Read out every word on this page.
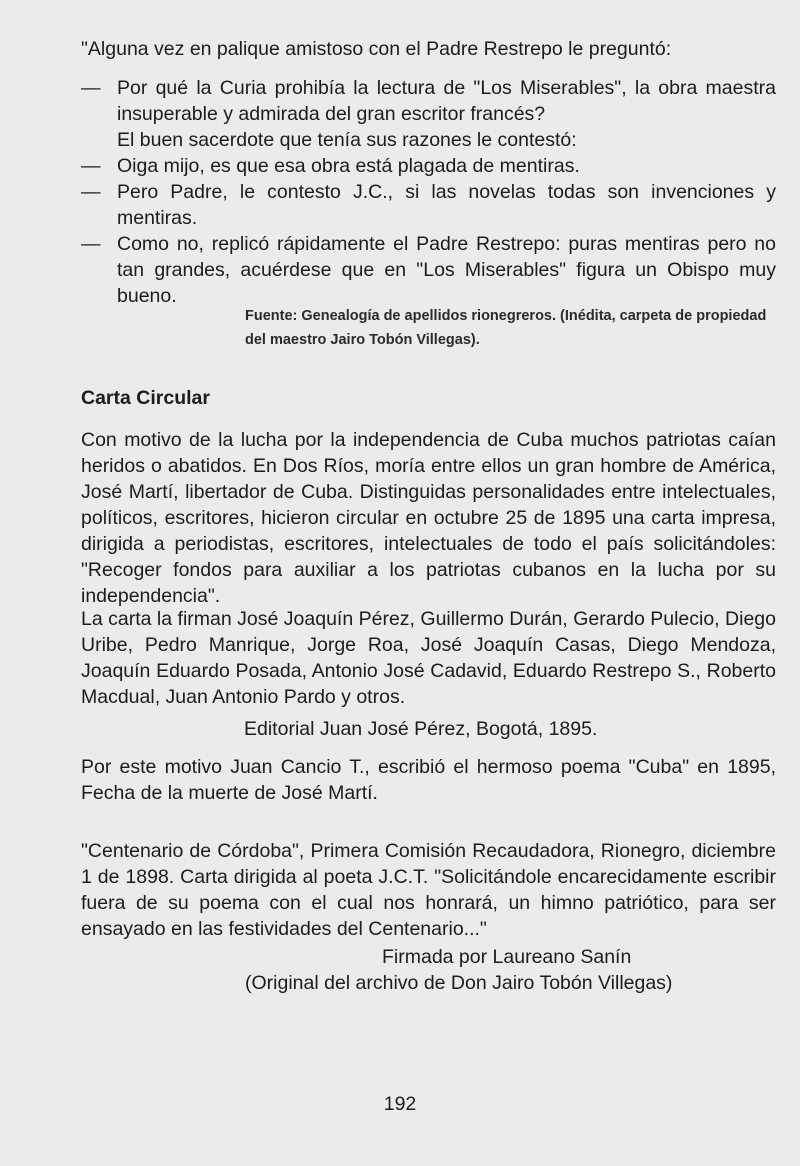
"Alguna vez en palique amistoso con el Padre Restrepo le preguntó:

— Por qué la Curia prohibía la lectura de "Los Miserables", la obra maestra insuperable y admirada del gran escritor francés?

El buen sacerdote que tenía sus razones le contestó:

— Oiga mijo, es que esa obra está plagada de mentiras.
— Pero Padre, le contesto J.C., si las novelas todas son invenciones y mentiras.
— Como no, replicó rápidamente el Padre Restrepo: puras mentiras pero no tan grandes, acuérdese que en "Los Miserables" figura un Obispo muy bueno.

Fuente: Genealogía de apellidos rionegreros. (Inédita, carpeta de propiedad del maestro Jairo Tobón Villegas).

Carta Circular

Con motivo de la lucha por la independencia de Cuba muchos patriotas caían heridos o abatidos. En Dos Ríos, moría entre ellos un gran hombre de América, José Martí, libertador de Cuba. Distinguidas personalidades entre intelectuales, políticos, escritores, hicieron circular en octubre 25 de 1895 una carta impresa, dirigida a periodistas, escritores, intelectuales de todo el país solicitándoles: "Recoger fondos para auxiliar a los patriotas cubanos en la lucha por su independencia".

La carta la firman José Joaquín Pérez, Guillermo Durán, Gerardo Pulecio, Diego Uribe, Pedro Manrique, Jorge Roa, José Joaquín Casas, Diego Mendoza, Joaquín Eduardo Posada, Antonio José Cadavid, Eduardo Restrepo S., Roberto Macdual, Juan Antonio Pardo y otros.

Editorial Juan José Pérez, Bogotá, 1895.

Por este motivo Juan Cancio T., escribió el hermoso poema "Cuba" en 1895, Fecha de la muerte de José Martí.

"Centenario de Córdoba", Primera Comisión Recaudadora, Rionegro, diciembre 1 de 1898. Carta dirigida al poeta J.C.T. "Solicitándole encarecidamente escribir fuera de su poema con el cual nos honrará, un himno patriótico, para ser ensayado en las festividades del Centenario..."

Firmada por Laureano Sanín

(Original del archivo de Don Jairo Tobón Villegas)

192
